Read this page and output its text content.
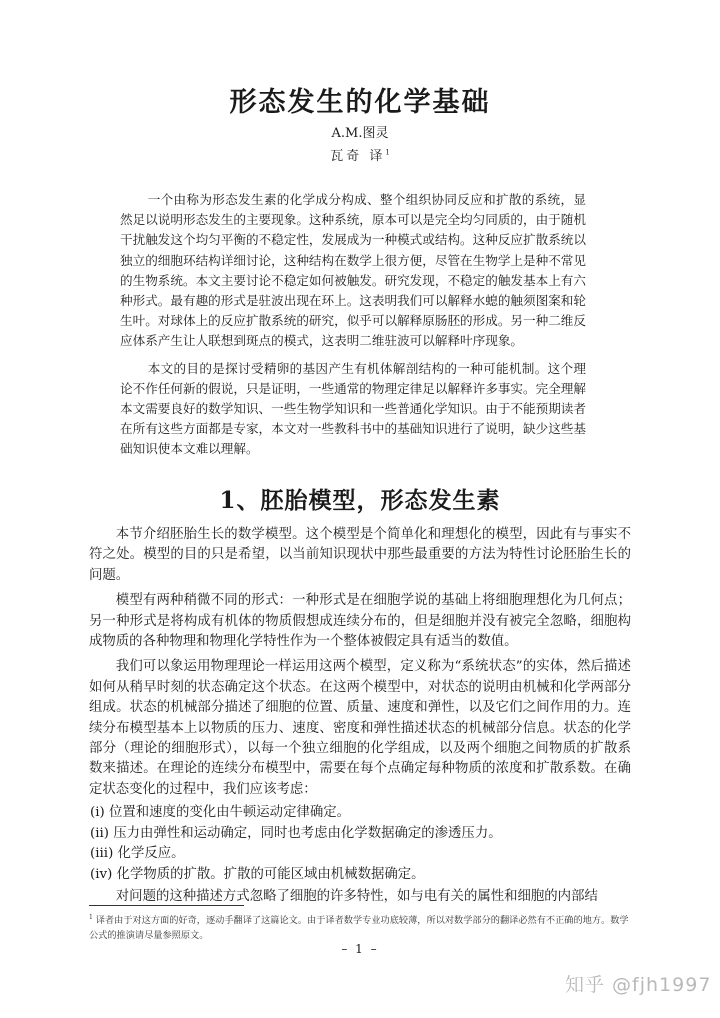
形态发生的化学基础
A.M.图灵
瓦奇 译$^1$

一个由称为形态发生素的化学成分构成、整个组织协同反应和扩散的系统，显然足以说明形态发生的主要现象。这种系统，原本可以是完全均匀同质的，由于随机干扰触发这个均匀平衡的不稳定性，发展成为一种模式或结构。这种反应扩散系统以独立的细胞环结构详细讨论，这种结构在数学上很方便，尽管在生物学上是种不常见的生物系统。本文主要讨论不稳定如何被触发。研究发现，不稳定的触发基本上有六种形式。最有趣的形式是驻波出现在环上。这表明我们可以解释水螅的触须图案和轮生叶。对球体上的反应扩散系统的研究，似乎可以解释原肠胚的形成。另一种二维反应体系产生让人联想到斑点的模式，这表明二维驻波可以解释叶序现象。

本文的目的是探讨受精卵的基因产生有机体解剖结构的一种可能机制。这个理论不作任何新的假说，只是证明，一些通常的物理定律足以解释许多事实。完全理解本文需要良好的数学知识、一些生物学知识和一些普通化学知识。由于不能预期读者在所有这些方面都是专家，本文对一些教科书中的基础知识进行了说明，缺少这些基础知识使本文难以理解。

1、胚胎模型，形态发生素

本节介绍胚胎生长的数学模型。这个模型是个简单化和理想化的模型，因此有与事实不符之处。模型的目的只是希望，以当前知识现状中那些最重要的方法为特性讨论胚胎生长的问题。

模型有两种稍微不同的形式：一种形式是在细胞学说的基础上将细胞理想化为几何点；另一种形式是将构成有机体的物质假想成连续分布的，但是细胞并没有被完全忽略，细胞构成物质的各种物理和物理化学特性作为一个整体被假定具有适当的数值。

我们可以象运用物理理论一样运用这两个模型，定义称为“系统状态”的实体，然后描述如何从稍早时刻的状态确定这个状态。在这两个模型中，对状态的说明由机械和化学两部分组成。状态的机械部分描述了细胞的位置、质量、速度和弹性，以及它们之间作用的力。连续分布模型基本上以物质的压力、速度、密度和弹性描述状态的机械部分信息。状态的化学部分（理论的细胞形式），以每一个独立细胞的化学组成，以及两个细胞之间物质的扩散系数来描述。在理论的连续分布模型中，需要在每个点确定每种物质的浓度和扩散系数。在确定状态变化的过程中，我们应该考虑：

(i) 位置和速度的变化由牛顿运动定律确定。
(ii) 压力由弹性和运动确定，同时也考虑由化学数据确定的渗透压力。
(iii) 化学反应。
(iv) 化学物质的扩散。扩散的可能区域由机械数据确定。

对问题的这种描述方式忽略了细胞的许多特性，如与电有关的属性和细胞的内部结

$^1$ 译者由于对这方面的好奇，逐动手翻译了这篇论文。由于译者数学专业功底较薄，所以对数学部分的翻译必然有不正确的地方。数学公式的推演请尽量参照原文。

– 1 –
知乎 @fjh1997
